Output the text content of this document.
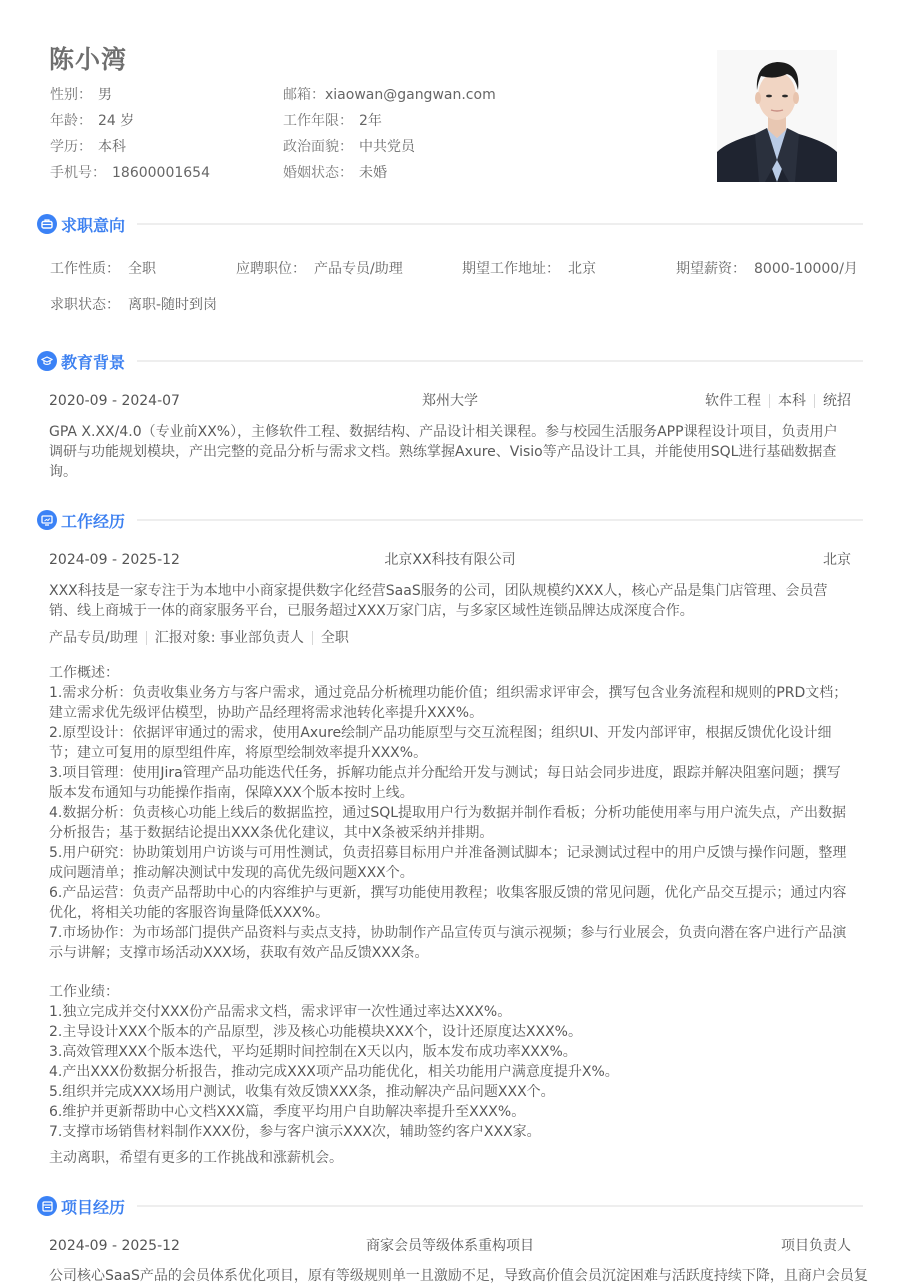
陈小湾
性别： 男	邮箱：xiaowan@gangwan.com
年龄： 24 岁	工作年限： 2年
学历： 本科	政治面貌： 中共党员
手机号： 18600001654	婚姻状态： 未婚
求职意向
工作性质： 全职	应聘职位： 产品专员/助理	期望工作地址： 北京	期望薪资： 8000-10000/月
求职状态： 离职-随时到岗
教育背景
2020-09 - 2024-07	郑州大学	软件工程 本科 统招
GPA X.XX/4.0（专业前XX%），主修软件工程、数据结构、产品设计相关课程。参与校园生活服务APP课程设计项目，负责用户调研与功能规划模块，产出完整的竞品分析与需求文档。熟练掌握Axure、Visio等产品设计工具，并能使用SQL进行基础数据查询。
工作经历
2024-09 - 2025-12	北京XX科技有限公司	北京
XXX科技是一家专注于为本地中小商家提供数字化经营SaaS服务的公司，团队规模约XXX人，核心产品是集门店管理、会员营销、线上商城于一体的商家服务平台，已服务超过XXX万家门店，与多家区域性连锁品牌达成深度合作。
产品专员/助理 汇报对象: 事业部负责人 全职
工作概述：
1.需求分析：负责收集业务方与客户需求，通过竞品分析梳理功能价值；组织需求评审会，撰写包含业务流程和规则的PRD文档；建立需求优先级评估模型，协助产品经理将需求池转化率提升XXX%。
2.原型设计：依据评审通过的需求，使用Axure绘制产品功能原型与交互流程图；组织UI、开发内部评审，根据反馈优化设计细节；建立可复用的原型组件库，将原型绘制效率提升XXX%。
3.项目管理：使用Jira管理产品功能迭代任务，拆解功能点并分配给开发与测试；每日站会同步进度，跟踪并解决阻塞问题；撰写版本发布通知与功能操作指南，保障XXX个版本按时上线。
4.数据分析：负责核心功能上线后的数据监控，通过SQL提取用户行为数据并制作看板；分析功能使用率与用户流失点，产出数据分析报告；基于数据结论提出XXX条优化建议，其中X条被采纳并排期。
5.用户研究：协助策划用户访谈与可用性测试，负责招募目标用户并准备测试脚本；记录测试过程中的用户反馈与操作问题，整理成问题清单；推动解决测试中发现的高优先级问题XXX个。
6.产品运营：负责产品帮助中心的内容维护与更新，撰写功能使用教程；收集客服反馈的常见问题，优化产品交互提示；通过内容优化，将相关功能的客服咨询量降低XXX%。
7.市场协作：为市场部门提供产品资料与卖点支持，协助制作产品宣传页与演示视频；参与行业展会，负责向潜在客户进行产品演示与讲解；支撑市场活动XXX场，获取有效产品反馈XXX条。
工作业绩：
1.独立完成并交付XXX份产品需求文档，需求评审一次性通过率达XXX%。
2.主导设计XXX个版本的产品原型，涉及核心功能模块XXX个，设计还原度达XXX%。
3.高效管理XXX个版本迭代，平均延期时间控制在X天以内，版本发布成功率XXX%。
4.产出XXX份数据分析报告，推动完成XXX项产品功能优化，相关功能用户满意度提升X%。
5.组织并完成XXX场用户测试，收集有效反馈XXX条，推动解决产品问题XXX个。
6.维护并更新帮助中心文档XXX篇，季度平均用户自助解决率提升至XXX%。
7.支撑市场销售材料制作XXX份，参与客户演示XXX次，辅助签约客户XXX家。
主动离职，希望有更多的工作挑战和涨薪机会。
项目经历
2024-09 - 2025-12	商家会员等级体系重构项目	项目负责人
公司核心SaaS产品的会员体系优化项目，原有等级规则单一且激励不足，导致高价值会员沉淀困难与活跃度持续下降，且商户会员复
